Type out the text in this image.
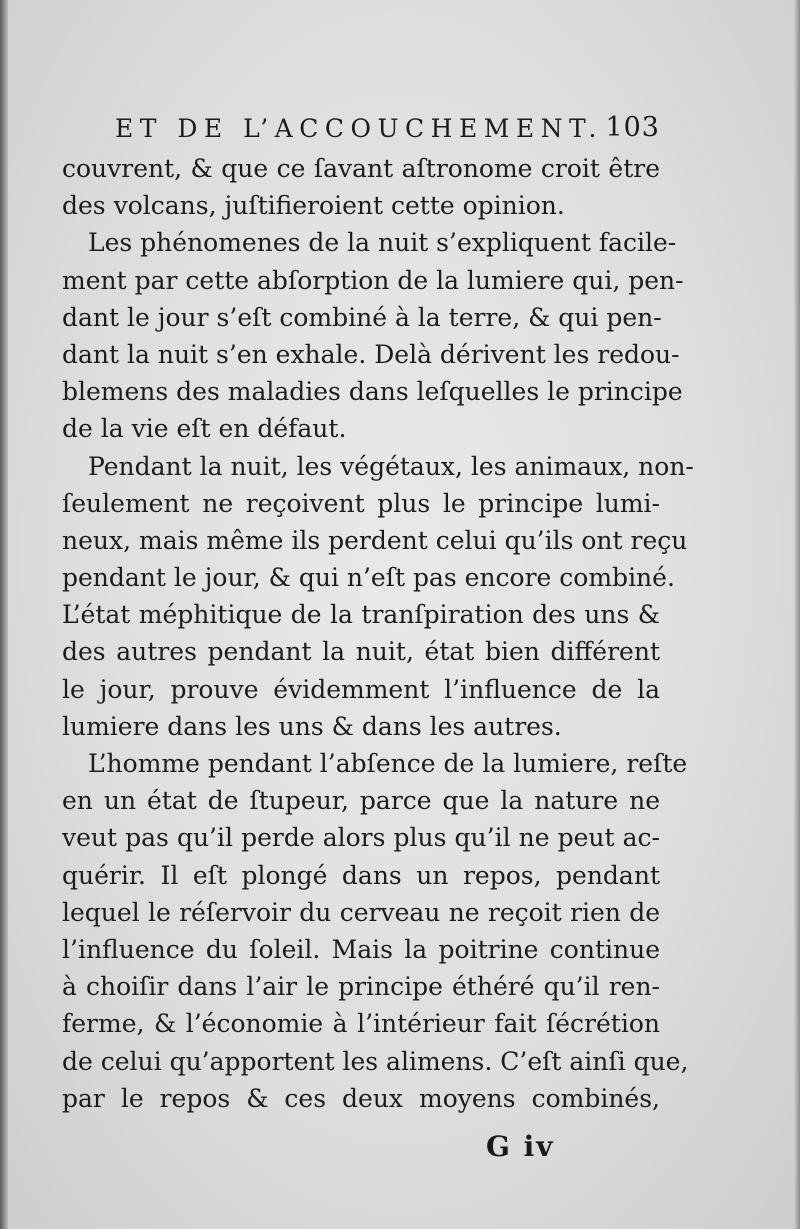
ET DE L’ACCOUCHEMENT. 103
couvrent, & que ce ſavant aſtronome croit être
des volcans, juſtifieroient cette opinion.
Les phénomenes de la nuit s’expliquent facile-
ment par cette abſorption de la lumiere qui, pen-
dant le jour s’eſt combiné à la terre, & qui pen-
dant la nuit s’en exhale. Delà dérivent les redou-
blemens des maladies dans leſquelles le principe
de la vie eſt en défaut.
Pendant la nuit, les végétaux, les animaux, non-
ſeulement ne reçoivent plus le principe lumi-
neux, mais même ils perdent celui qu’ils ont reçu
pendant le jour, & qui n’eſt pas encore combiné.
L’état méphitique de la tranſpiration des uns &
des autres pendant la nuit, état bien différent
le jour, prouve évidemment l’influence de la
lumiere dans les uns & dans les autres.
L’homme pendant l’abſence de la lumiere, reſte
en un état de ſtupeur, parce que la nature ne
veut pas qu’il perde alors plus qu’il ne peut ac-
quérir. Il eſt plongé dans un repos, pendant
lequel le réſervoir du cerveau ne reçoit rien de
l’influence du ſoleil. Mais la poitrine continue
à choiſir dans l’air le principe éthéré qu’il ren-
ferme, & l’économie à l’intérieur fait ſécrétion
de celui qu’apportent les alimens. C’eſt ainſi que,
par le repos & ces deux moyens combinés,
G iv
